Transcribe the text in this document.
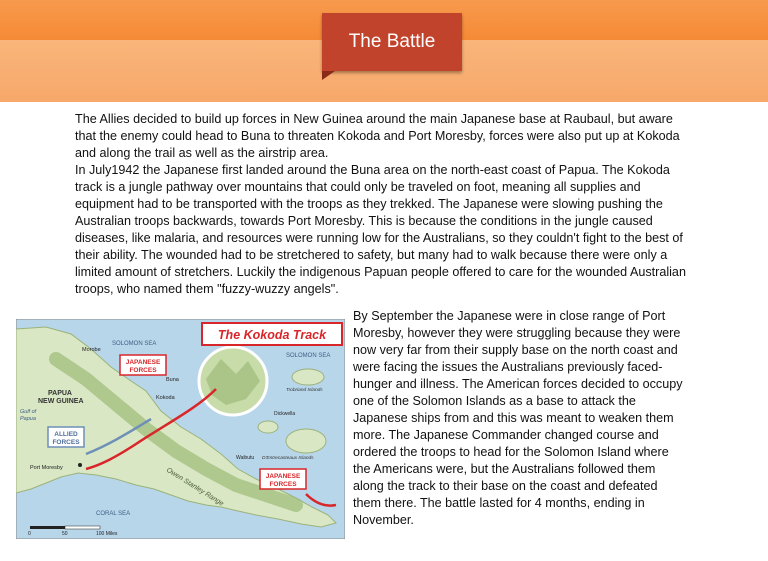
The Battle
The Allies decided to build up forces in New Guinea around the main Japanese base at Raubaul, but aware that the enemy could head to Buna to threaten Kokoda and Port Moresby, forces were also put up at Kokoda and along the trail as well as the airstrip area.
In July1942 the Japanese first landed around the Buna area on the north-east coast of Papua. The Kokoda track is a jungle pathway over mountains that could only be traveled on foot, meaning all supplies and equipment had to be transported with the troops as they trekked. The Japanese were slowing pushing the Australian troops backwards, towards Port Moresby. This is because the conditions in the jungle caused diseases, like malaria, and resources were running low for the Australians, so they couldn't fight to the best of their ability. The wounded had to be stretchered to safety, but many had to walk because there were only a limited amount of stretchers. Luckily the indigenous Papuan people offered to care for the wounded Australian troops, who named them "fuzzy-wuzzy angels".
By September the Japanese were in close range of Port Moresby, however they were struggling because they were now very far from their supply base on the north coast and were facing the issues the Australians previously faced-hunger and illness. The American forces decided to occupy one of the Solomon Islands as a base to attack the Japanese ships from and this was meant to weaken them more. The Japanese Commander changed course and ordered the troops to head for the Solomon Island where the Americans were, but the Australians followed them along the track to their base on the coast and defeated them there. The battle lasted for 4 months, ending in November.
The Kokoda Track
JAPANESE
FORCES
JAPANESE
FORCES
ALLIED
FORCES
SOLOMON SEA
SOLOMON SEA
CORAL SEA
PAPUA
NEW GUINEA
Gulf of
Papua
Port Moresby
Morobe
Buna
Kokoda
Dickwella
Waibutu
Trobriand Islands
D'Entrecasteaux Islands
Owen Stanley Range
0	50	100 Miles
